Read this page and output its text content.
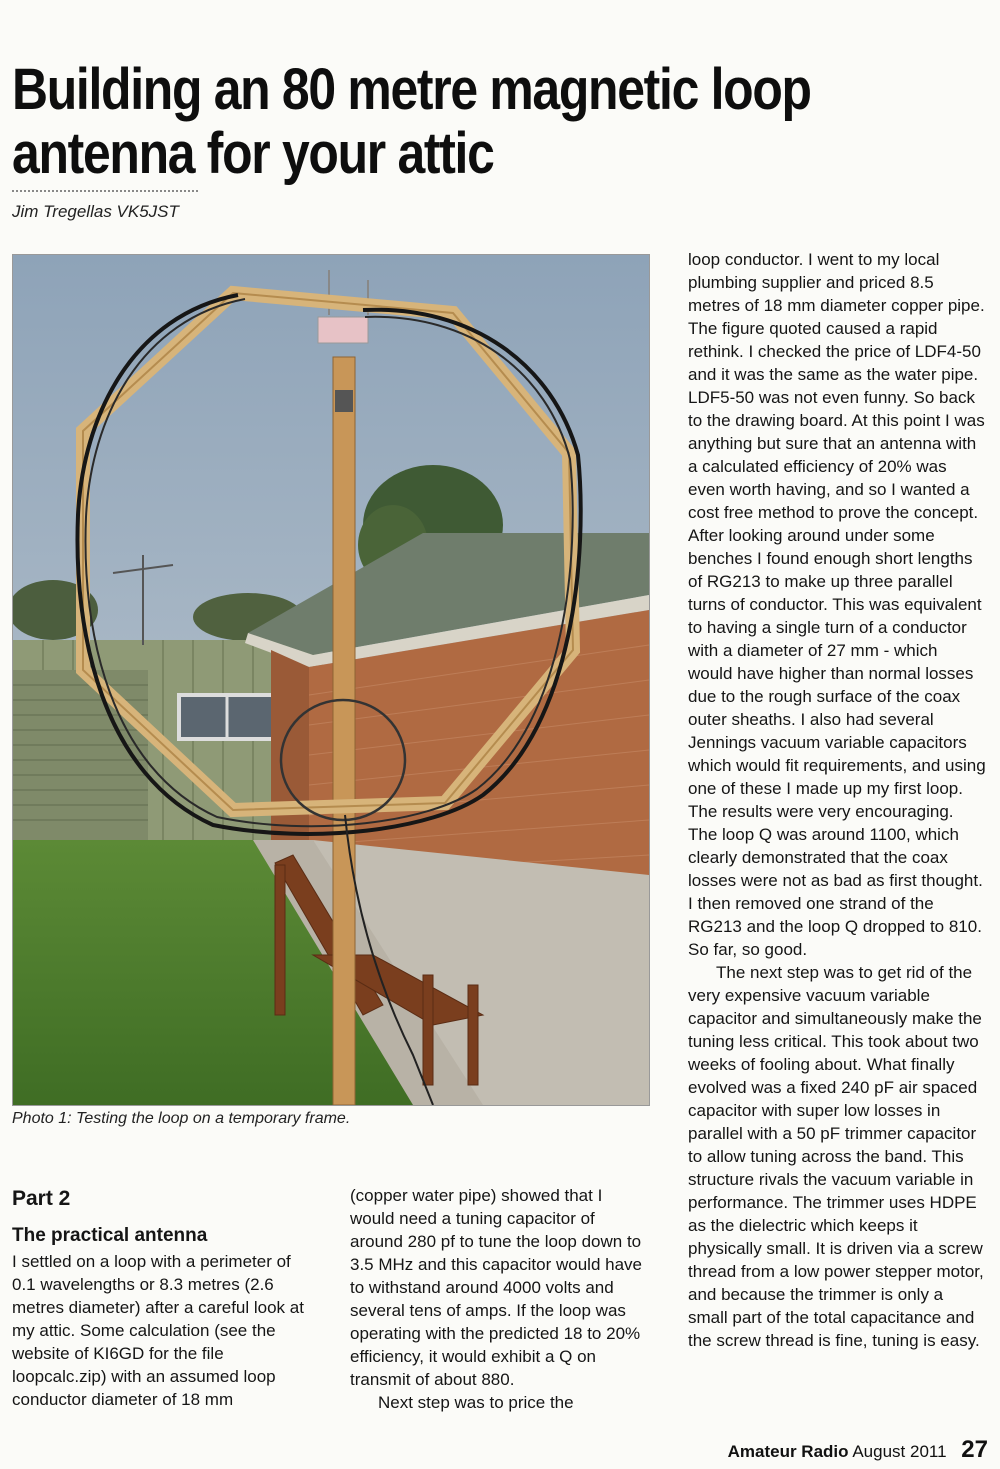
Building an 80 metre magnetic loop antenna for your attic
Jim Tregellas VK5JST
Photo 1: Testing the loop on a temporary frame.
Part 2
The practical antenna

I settled on a loop with a perimeter of 0.1 wavelengths or 8.3 metres (2.6 metres diameter) after a careful look at my attic. Some calculation (see the website of KI6GD for the file loopcalc.zip) with an assumed loop conductor diameter of 18 mm

(copper water pipe) showed that I would need a tuning capacitor of around 280 pf to tune the loop down to 3.5 MHz and this capacitor would have to withstand around 4000 volts and several tens of amps. If the loop was operating with the predicted 18 to 20% efficiency, it would exhibit a Q on transmit of about 880.

Next step was to price the

loop conductor. I went to my local plumbing supplier and priced 8.5 metres of 18 mm diameter copper pipe. The figure quoted caused a rapid rethink. I checked the price of LDF4-50 and it was the same as the water pipe. LDF5-50 was not even funny. So back to the drawing board. At this point I was anything but sure that an antenna with a calculated efficiency of 20% was even worth having, and so I wanted a cost free method to prove the concept. After looking around under some benches I found enough short lengths of RG213 to make up three parallel turns of conductor. This was equivalent to having a single turn of a conductor with a diameter of 27 mm - which would have higher than normal losses due to the rough surface of the coax outer sheaths. I also had several Jennings vacuum variable capacitors which would fit requirements, and using one of these I made up my first loop. The results were very encouraging. The loop Q was around 1100, which clearly demonstrated that the coax losses were not as bad as first thought.

I then removed one strand of the RG213 and the loop Q dropped to 810. So far, so good.

The next step was to get rid of the very expensive vacuum variable capacitor and simultaneously make the tuning less critical. This took about two weeks of fooling about. What finally evolved was a fixed 240 pF air spaced capacitor with super low losses in parallel with a 50 pF trimmer capacitor to allow tuning across the band. This structure rivals the vacuum variable in performance. The trimmer uses HDPE as the dielectric which keeps it physically small. It is driven via a screw thread from a low power stepper motor, and because the trimmer is only a small part of the total capacitance and the screw thread is fine, tuning is easy.

Amateur Radio August 2011 27
